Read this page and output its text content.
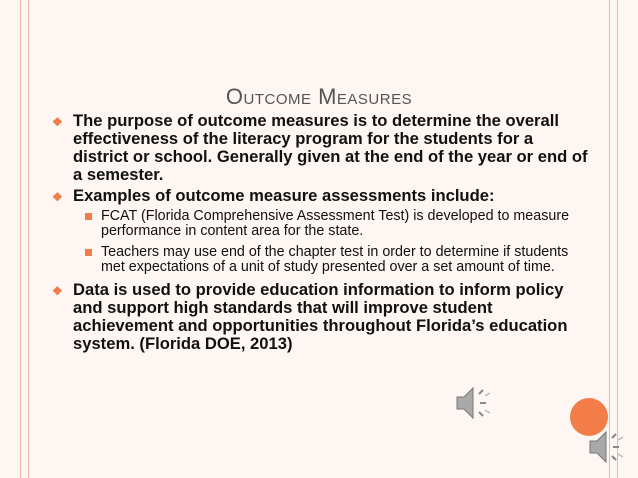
Outcome Measures
❖ The purpose of outcome measures is to determine the overall effectiveness of the literacy program for the students for a district or school. Generally given at the end of the year or end of a semester.
❖ Examples of outcome measure assessments include:
FCAT (Florida Comprehensive Assessment Test) is developed to measure performance in content area for the state.
Teachers may use end of the chapter test in order to determine if students met expectations of a unit of study presented over a set amount of time.
❖ Data is used to provide education information to inform policy and support high standards that will improve student achievement and opportunities throughout Florida’s education system. (Florida DOE, 2013)
